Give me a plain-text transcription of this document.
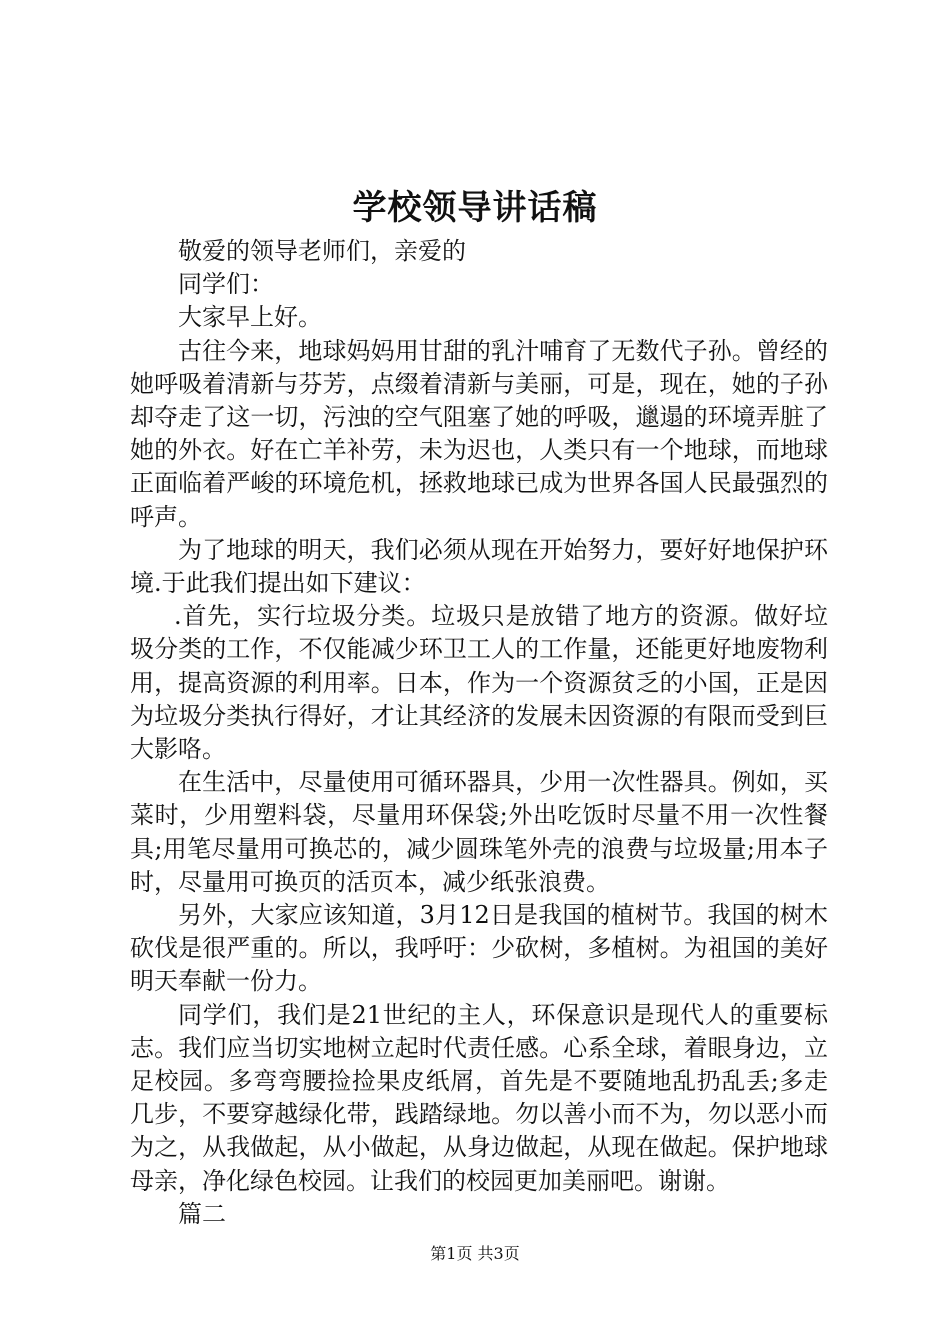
学校领导讲话稿

敬爱的领导老师们，亲爱的

同学们：

大家早上好。

古往今来，地球妈妈用甘甜的乳汁哺育了无数代子孙。曾经的她呼吸着清新与芬芳，点缀着清新与美丽，可是，现在，她的子孙却夺走了这一切，污浊的空气阻塞了她的呼吸，邋遢的环境弄脏了她的外衣。好在亡羊补劳，未为迟也，人类只有一个地球，而地球正面临着严峻的环境危机，拯救地球已成为世界各国人民最强烈的呼声。

为了地球的明天，我们必须从现在开始努力，要好好地保护环境.于此我们提出如下建议：

.首先，实行垃圾分类。垃圾只是放错了地方的资源。做好垃圾分类的工作，不仅能减少环卫工人的工作量，还能更好地废物利用，提高资源的利用率。日本，作为一个资源贫乏的小国，正是因为垃圾分类执行得好，才让其经济的发展未因资源的有限而受到巨大影咯。

在生活中，尽量使用可循环器具，少用一次性器具。例如，买菜时，少用塑料袋，尽量用环保袋;外出吃饭时尽量不用一次性餐具;用笔尽量用可换芯的，减少圆珠笔外壳的浪费与垃圾量;用本子时，尽量用可换页的活页本，减少纸张浪费。

另外，大家应该知道，3月12日是我国的植树节。我国的树木砍伐是很严重的。所以，我呼吁：少砍树，多植树。为祖国的美好明天奉献一份力。

同学们，我们是21世纪的主人，环保意识是现代人的重要标志。我们应当切实地树立起时代责任感。心系全球，着眼身边，立足校园。多弯弯腰捡捡果皮纸屑，首先是不要随地乱扔乱丢;多走几步，不要穿越绿化带，践踏绿地。勿以善小而不为，勿以恶小而为之，从我做起，从小做起，从身边做起，从现在做起。保护地球母亲，净化绿色校园。让我们的校园更加美丽吧。谢谢。

篇二

第1页 共3页
